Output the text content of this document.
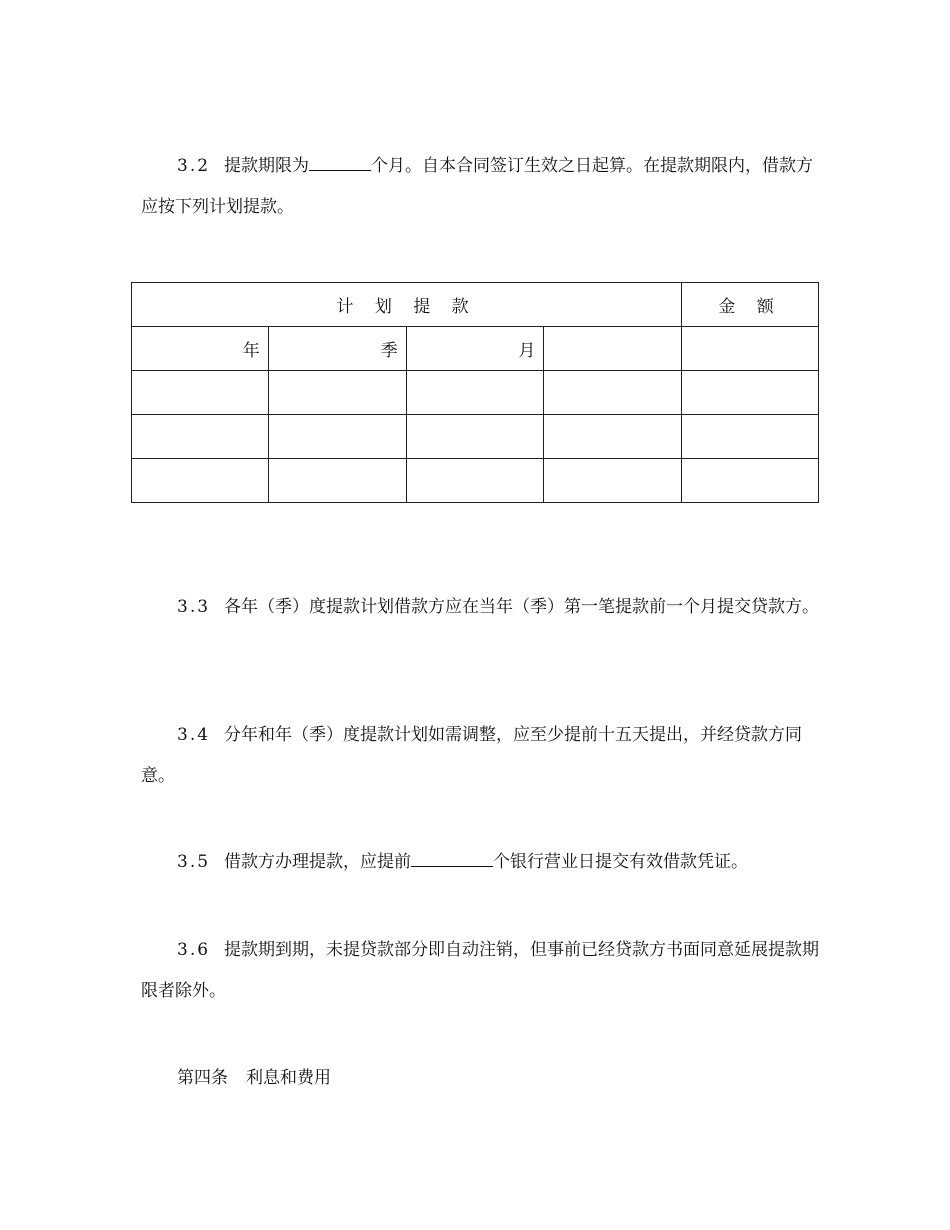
3.2 提款期限为	个月。自本合同签订生效之日起算。在提款期限内，借款方应按下列计划提款。

计 划 提 款				金 额
年	季	月		

3.3 各年（季）度提款计划借款方应在当年（季）第一笔提款前一个月提交贷款方。

3.4 分年和年（季）度提款计划如需调整，应至少提前十五天提出，并经贷款方同意。

3.5 借款方办理提款，应提前	个银行营业日提交有效借款凭证。

3.6 提款期到期，未提贷款部分即自动注销，但事前已经贷款方书面同意延展提款期限者除外。

第四条 利息和费用
